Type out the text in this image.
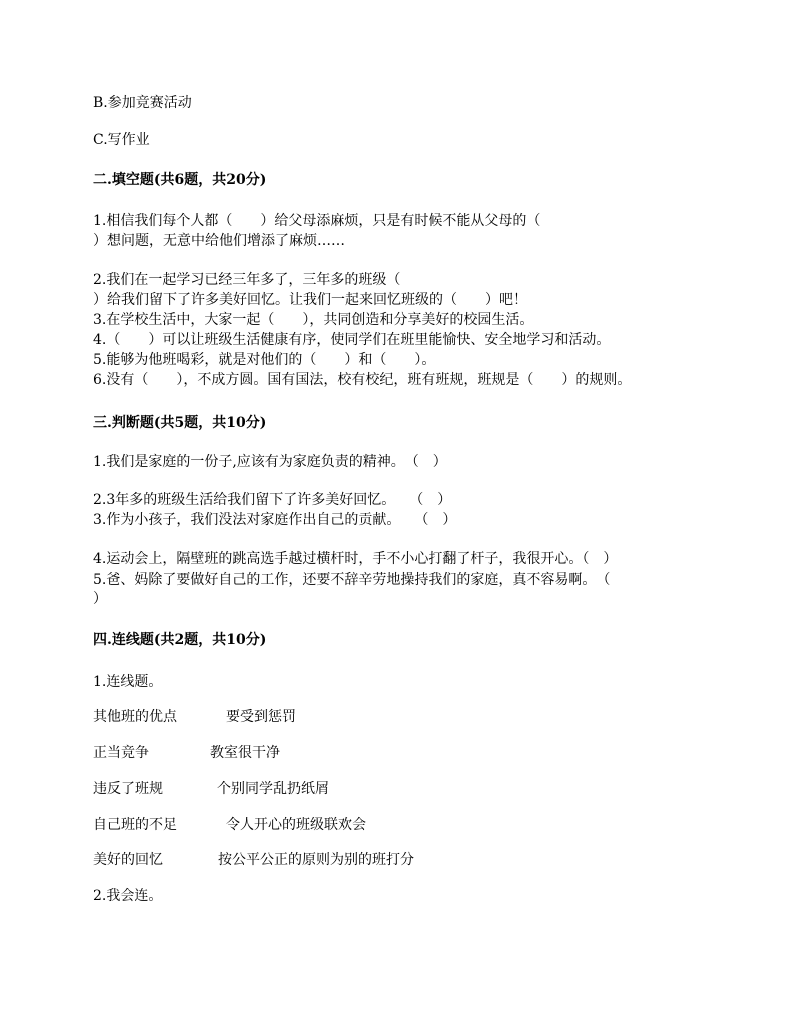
B.参加竞赛活动
C.写作业
二.填空题(共6题，共20分)
1.相信我们每个人都（　　）给父母添麻烦，只是有时候不能从父母的（
）想问题，无意中给他们增添了麻烦……
2.我们在一起学习已经三年多了，三年多的班级（
）给我们留下了许多美好回忆。让我们一起来回忆班级的（　　）吧！
3.在学校生活中，大家一起（　　），共同创造和分享美好的校园生活。
4.（　　）可以让班级生活健康有序，使同学们在班里能愉快、安全地学习和活动。
5.能够为他班喝彩，就是对他们的（　　）和（　　）。
6.没有（　　），不成方圆。国有国法，校有校纪，班有班规，班规是（　　）的规则。
三.判断题(共5题，共10分)
1.我们是家庭的一份子,应该有为家庭负责的精神。　（　）
2.3年多的班级生活给我们留下了许多美好回忆。　　（　）
3.作为小孩子，我们没法对家庭作出自己的贡献。　　（　）
4.运动会上，隔壁班的跳高选手越过横杆时，手不小心打翻了杆子，我很开心。（　）
5.爸、妈除了要做好自己的工作，还要不辞辛劳地操持我们的家庭，真不容易啊。　（
）
四.连线题(共2题，共10分)
1.连线题。
其他班的优点	要受到惩罚
正当竞争	教室很干净
违反了班规	个别同学乱扔纸屑
自己班的不足	令人开心的班级联欢会
美好的回忆	按公平公正的原则为别的班打分
2.我会连。
